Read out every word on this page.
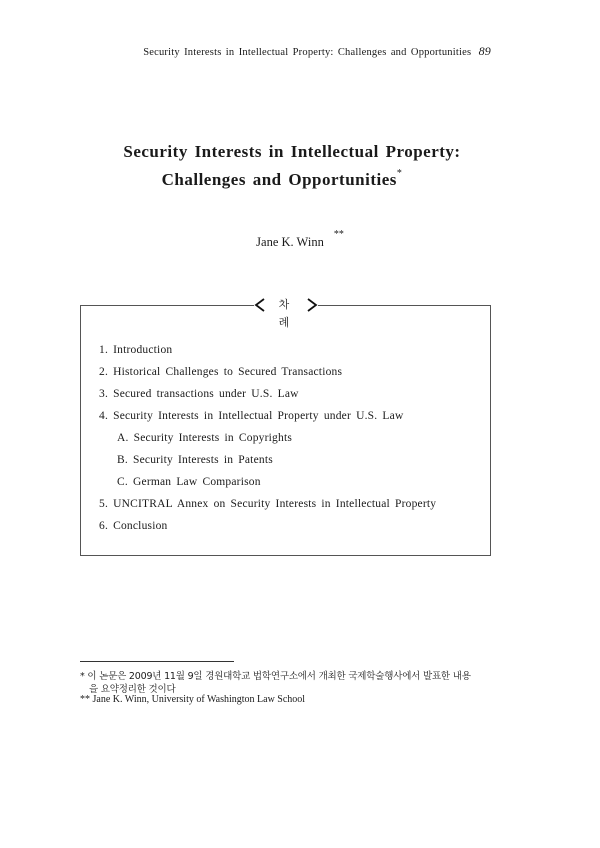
Security Interests in Intellectual Property: Challenges and Opportunities 89
Security Interests in Intellectual Property:
Challenges and Opportunities*
Jane K. Winn**
차 례
1. Introduction
2. Historical Challenges to Secured Transactions
3. Secured transactions under U.S. Law
4. Security Interests in Intellectual Property under U.S. Law
A. Security Interests in Copyrights
B. Security Interests in Patents
C. German Law Comparison
5. UNCITRAL Annex on Security Interests in Intellectual Property
6. Conclusion
* 이 논문은 2009년 11월 9일 경원대학교 법학연구소에서 개최한 국제학술행사에서 발표한 내용
을 요약정리한 것이다
** Jane K. Winn, University of Washington Law School
